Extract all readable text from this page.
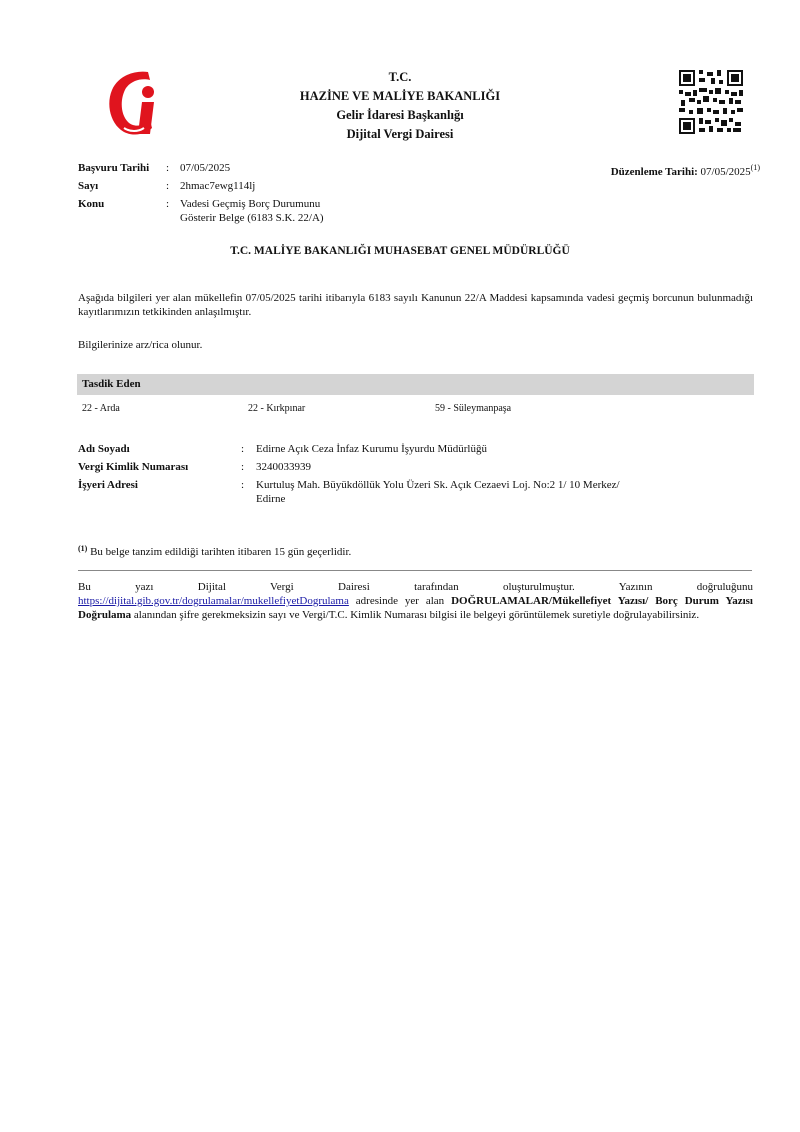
T.C.
HAZİNE VE MALİYE BAKANLIĞI
Gelir İdaresi Başkanlığı
Dijital Vergi Dairesi
Başvuru Tarihi	: 07/05/2025
Sayı	: 2hmac7ewg114lj
Konu	: Vadesi Geçmiş Borç Durumunu
Gösterir Belge (6183 S.K. 22/A)
Düzenleme Tarihi: 07/05/2025$^{(1)}$
T.C. MALİYE BAKANLIĞI MUHASEBAT GENEL MÜDÜRLÜĞÜ
Aşağıda bilgileri yer alan mükellefin 07/05/2025 tarihi itibarıyla 6183 sayılı Kanunun 22/A Maddesi kapsamında vadesi geçmiş borcunun bulunmadığı kayıtlarımızın tetkikinden anlaşılmıştır.
Bilgilerinize arz/rica olunur.
Tasdik Eden
22 - Arda	22 - Kırkpınar	59 - Süleymanpaşa
Adı Soyadı	:	Edirne Açık Ceza İnfaz Kurumu İşyurdu Müdürlüğü
Vergi Kimlik Numarası	:	3240033939
İşyeri Adresi	:	Kurtuluş Mah. Büyükdöllük Yolu Üzeri Sk. Açık Cezaevi Loj. No:2 1/ 10 Merkez/
Edirne
$^{(1)}$ Bu belge tanzim edildiği tarihten itibaren 15 gün geçerlidir.
Bu yazı Dijital Vergi Dairesi tarafından oluşturulmuştur. Yazının doğruluğunu
https://dijital.gib.gov.tr/dogrulamalar/mukellefiyetDogrulama adresinde yer alan DOĞRULAMALAR/Mükellefiyet Yazısı/ Borç Durum Yazısı Doğrulama alanından şifre gerekmeksizin sayı ve Vergi/T.C. Kimlik Numarası bilgisi ile belgeyi görüntülemek suretiyle doğrulayabilirsiniz.
